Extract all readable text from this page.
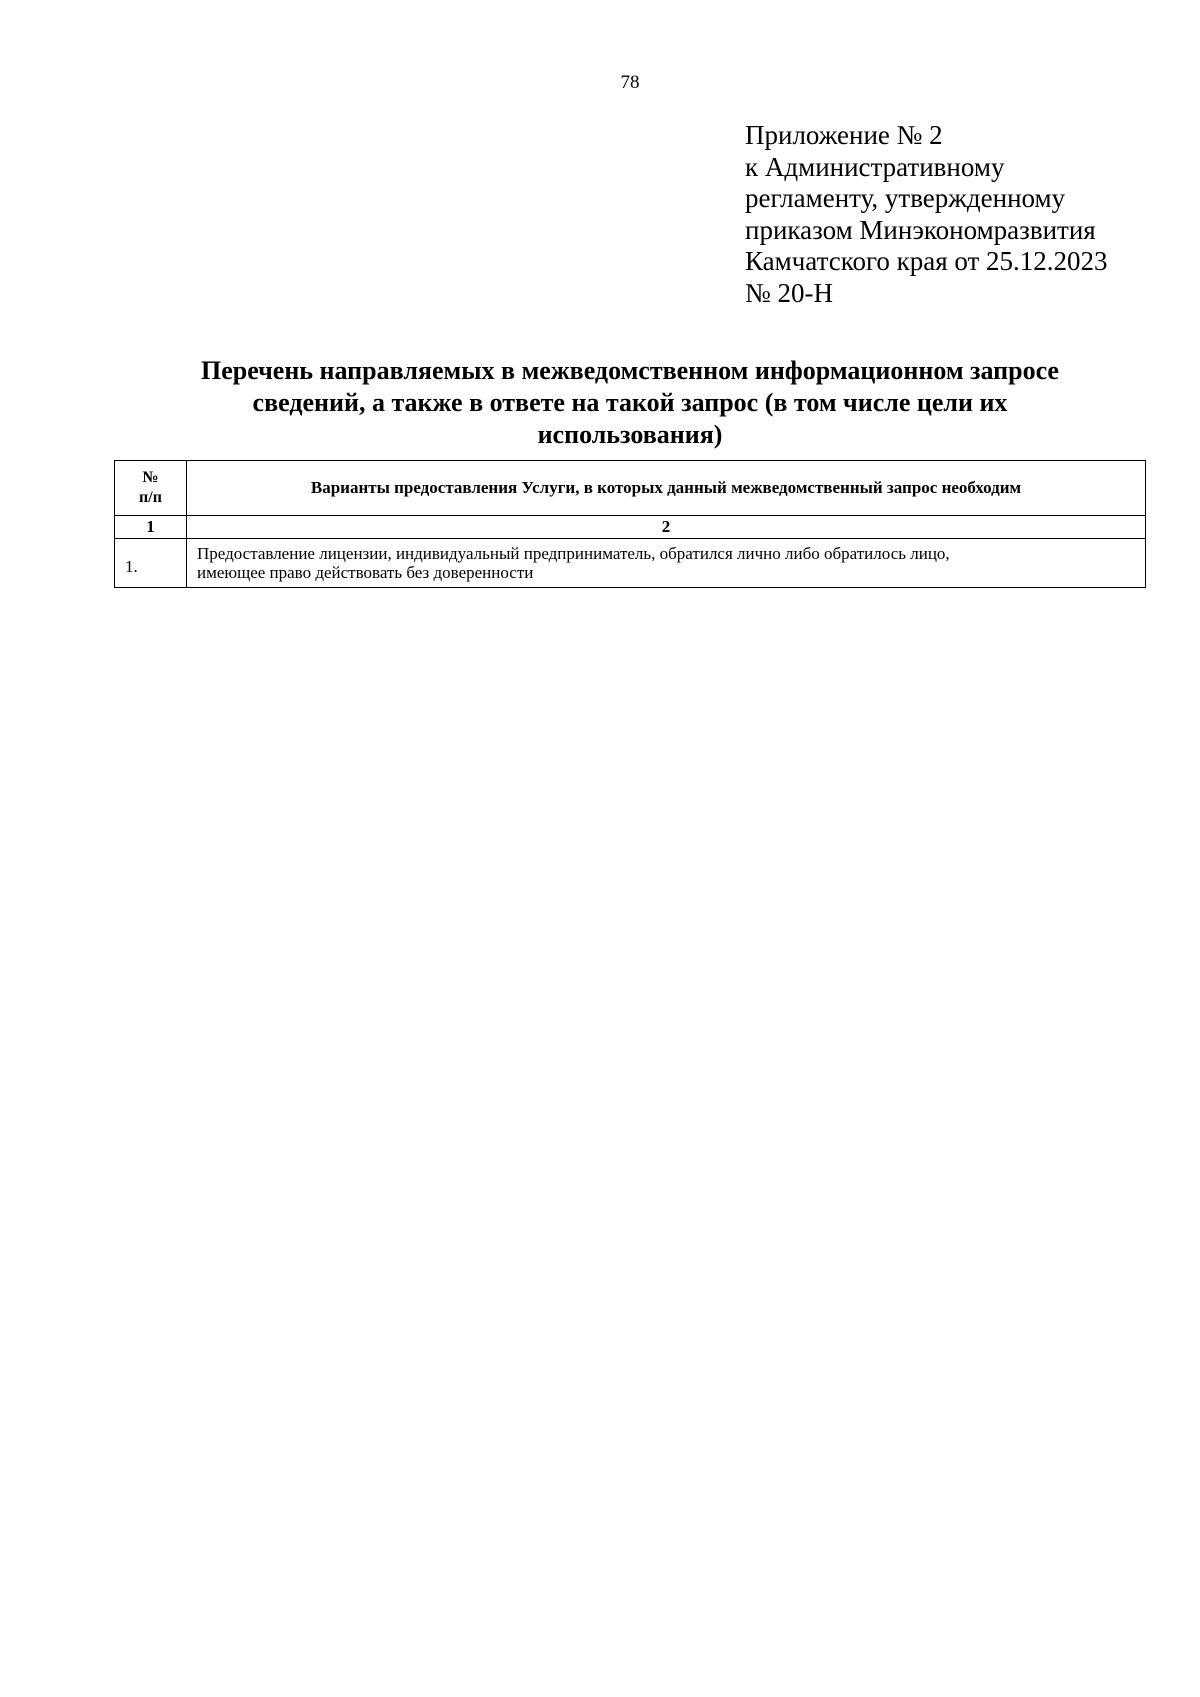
78
Приложение № 2
к Административному
регламенту, утвержденному
приказом Минэкономразвития
Камчатского края от 25.12.2023
№ 20-Н
Перечень направляемых в межведомственном информационном запросе
сведений, а также в ответе на такой запрос (в том числе цели их
использования)
№
п/п	Варианты предоставления Услуги, в которых данный межведомственный запрос необходим
1	2
1.	Предоставление лицензии, индивидуальный предприниматель, обратился лично либо обратилось лицо,
имеющее право действовать без доверенности
